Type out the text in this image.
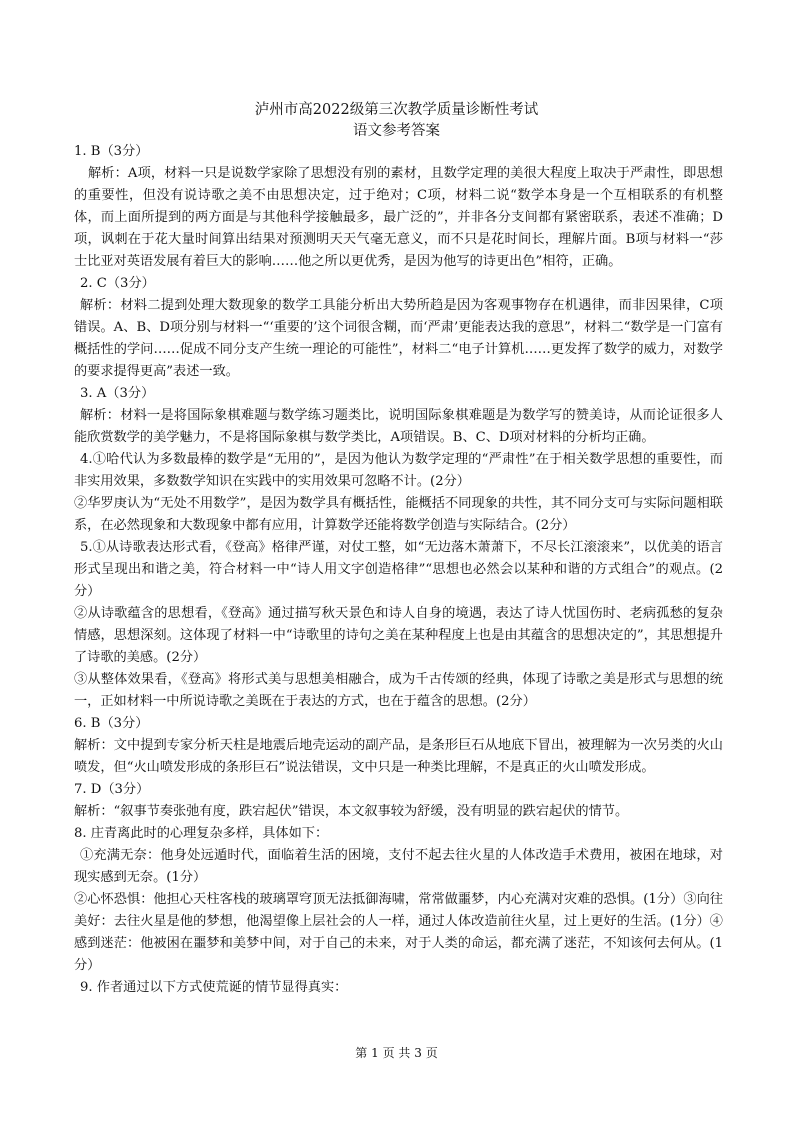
泸州市高2022级第三次教学质量诊断性考试
语文参考答案

1. B（3分）

解析：A项，材料一只是说数学家除了思想没有别的素材，且数学定理的美很大程度上取决于严肃性，即思想的重要性，但没有说诗歌之美不由思想决定，过于绝对；C项，材料二说“数学本身是一个互相联系的有机整体，而上面所提到的两方面是与其他科学接触最多，最广泛的”，并非各分支间都有紧密联系，表述不准确；D项，讽刺在于花大量时间算出结果对预测明天天气毫无意义，而不只是花时间长，理解片面。B项与材料一“莎士比亚对英语发展有着巨大的影响……他之所以更优秀，是因为他写的诗更出色”相符，正确。

2. C（3分）

解析：材料二提到处理大数现象的数学工具能分析出大势所趋是因为客观事物存在机遇律，而非因果律，C项错误。A、B、D项分别与材料一“‘重要的’这个词很含糊，而‘严肃’更能表达我的意思”，材料二“数学是一门富有概括性的学问……促成不同分支产生统一理论的可能性”，材料二“电子计算机……更发挥了数学的威力，对数学的要求提得更高”表述一致。

3. A（3分）

解析：材料一是将国际象棋难题与数学练习题类比，说明国际象棋难题是为数学写的赞美诗，从而论证很多人能欣赏数学的美学魅力，不是将国际象棋与数学类比，A项错误。B、C、D项对材料的分析均正确。

4.①哈代认为多数最棒的数学是“无用的”，是因为他认为数学定理的“严肃性”在于相关数学思想的重要性，而非实用效果，多数数学知识在实践中的实用效果可忽略不计。(2分）

②华罗庚认为“无处不用数学”，是因为数学具有概括性，能概括不同现象的共性，其不同分支可与实际问题相联系，在必然现象和大数现象中都有应用，计算数学还能将数学创造与实际结合。(2分）

5.①从诗歌表达形式看，《登高》格律严谨，对仗工整，如“无边落木萧萧下，不尽长江滚滚来”，以优美的语言形式呈现出和谐之美，符合材料一中“诗人用文字创造格律”“思想也必然会以某种和谐的方式组合”的观点。(2分）

②从诗歌蕴含的思想看，《登高》通过描写秋天景色和诗人自身的境遇，表达了诗人忧国伤时、老病孤愁的复杂情感，思想深刻。这体现了材料一中“诗歌里的诗句之美在某种程度上也是由其蕴含的思想决定的”，其思想提升了诗歌的美感。(2分）

③从整体效果看，《登高》将形式美与思想美相融合，成为千古传颂的经典，体现了诗歌之美是形式与思想的统一，正如材料一中所说诗歌之美既在于表达的方式，也在于蕴含的思想。(2分）

6. B（3分）

解析：文中提到专家分析天柱是地震后地壳运动的副产品，是条形巨石从地底下冒出，被理解为一次另类的火山喷发，但“火山喷发形成的条形巨石”说法错误，文中只是一种类比理解，不是真正的火山喷发形成。

7. D（3分）

解析：“叙事节奏张弛有度，跌宕起伏”错误，本文叙事较为舒缓，没有明显的跌宕起伏的情节。

8. 庄青离此时的心理复杂多样，具体如下：

①充满无奈：他身处远遁时代，面临着生活的困境，支付不起去往火星的人体改造手术费用，被困在地球，对现实感到无奈。(1分）

②心怀恐惧：他担心天柱客栈的玻璃罩穹顶无法抵御海啸，常常做噩梦，内心充满对灾难的恐惧。(1分）③向往美好：去往火星是他的梦想，他渴望像上层社会的人一样，通过人体改造前往火星，过上更好的生活。(1分）④感到迷茫：他被困在噩梦和美梦中间，对于自己的未来，对于人类的命运，都充满了迷茫，不知该何去何从。(1分）

9. 作者通过以下方式使荒诞的情节显得真实：

第 1 页 共 3 页
